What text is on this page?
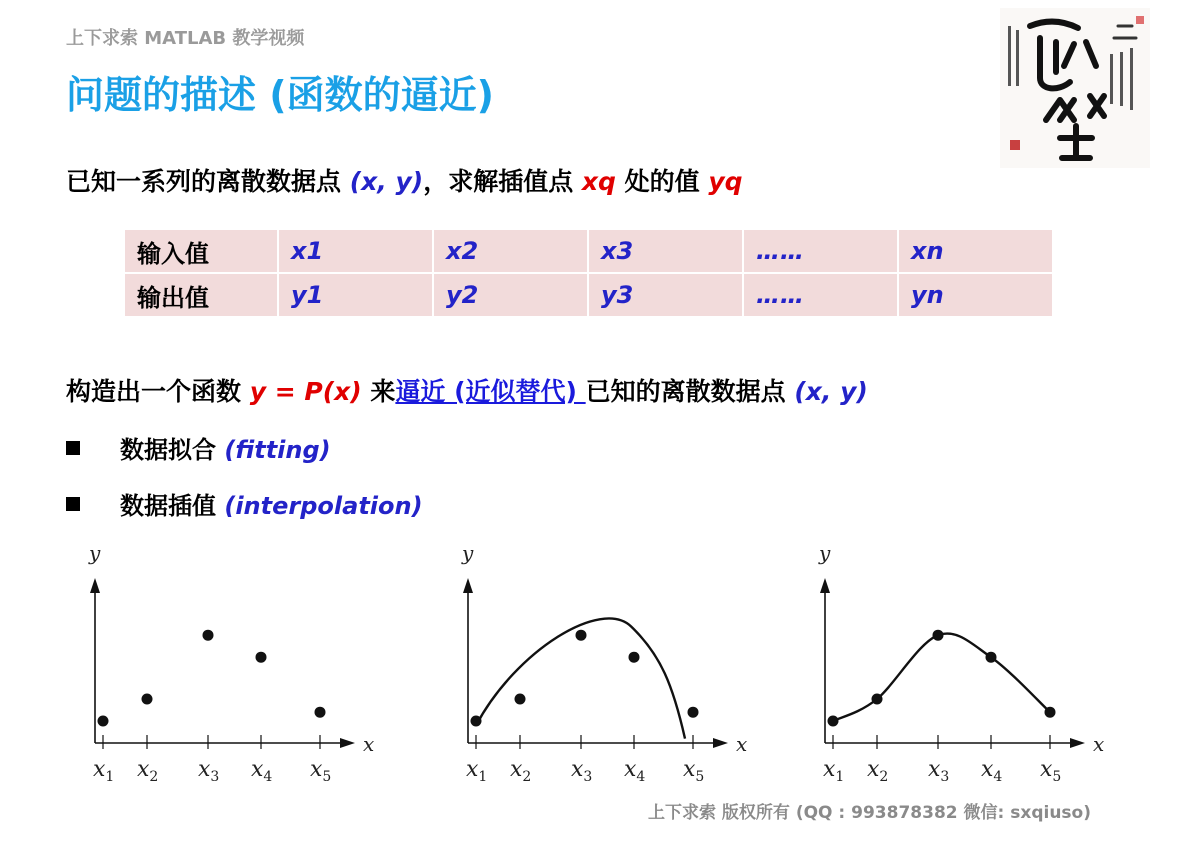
上下求索 MATLAB 教学视频
问题的描述 (函数的逼近)
已知一系列的离散数据点 (x, y)，求解插值点 xq 处的值 yq
输入值	x1	x2	x3	……	xn
输出值	y1	y2	y3	……	yn
构造出一个函数 y = P(x) 来逼近 (近似替代) 已知的离散数据点 (x, y)
数据拟合 (fitting)
数据插值 (interpolation)
y
x
$x_1$ $x_2$ $x_3$ $x_4$ $x_5$
y
x
$x_1$ $x_2$ $x_3$ $x_4$ $x_5$
y
x
$x_1$ $x_2$ $x_3$ $x_4$ $x_5$
上下求索 版权所有 (QQ : 993878382 微信: sxqiuso)
